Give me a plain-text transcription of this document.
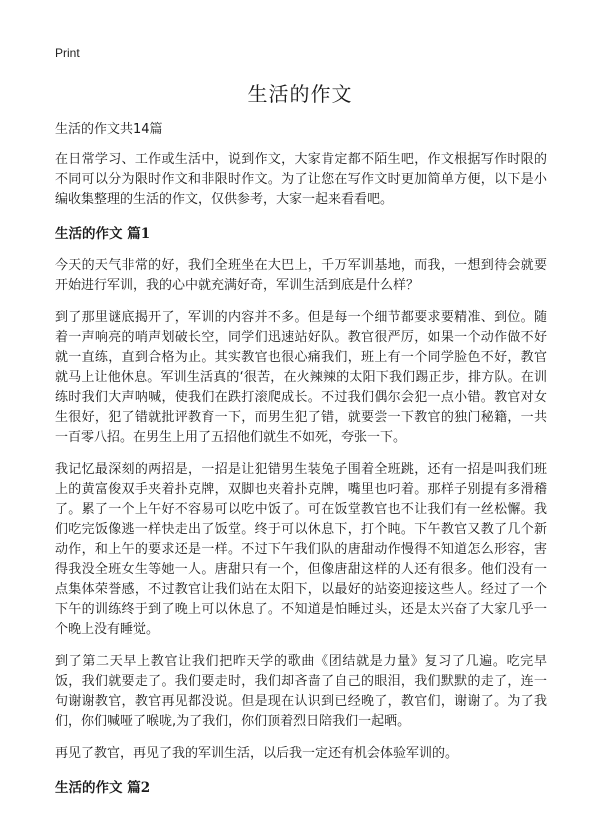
Print
生活的作文

生活的作文共14篇

在日常学习、工作或生活中，说到作文，大家肯定都不陌生吧，作文根据写作时限的不同可以分为限时作文和非限时作文。为了让您在写作文时更加简单方便，以下是小编收集整理的生活的作文，仅供参考，大家一起来看看吧。

生活的作文 篇1

今天的天气非常的好，我们全班坐在大巴上，千万军训基地，而我，一想到待会就要开始进行军训，我的心中就充满好奇，军训生活到底是什么样？

到了那里谜底揭开了，军训的内容并不多。但是每一个细节都要求要精准、到位。随着一声响亮的哨声划破长空，同学们迅速站好队。教官很严厉，如果一个动作做不好就一直练，直到合格为止。其实教官也很心痛我们，班上有一个同学脸色不好，教官就马上让他休息。军训生活真的‘很苦，在火辣辣的太阳下我们踢正步，排方队。在训练时我们大声呐喊，使我们在跌打滚爬成长。不过我们偶尔会犯一点小错。教官对女生很好，犯了错就批评教育一下，而男生犯了错，就要尝一下教官的独门秘籍，一共一百零八招。在男生上用了五招他们就生不如死，夸张一下。

我记忆最深刻的两招是，一招是让犯错男生装兔子围着全班跳，还有一招是叫我们班上的黄富俊双手夹着扑克牌，双脚也夹着扑克牌，嘴里也叼着。那样子别提有多滑稽了。累了一个上午好不容易可以吃中饭了。可在饭堂教官也不让我们有一丝松懈。我们吃完饭像逃一样快走出了饭堂。终于可以休息下，打个盹。下午教官又教了几个新动作，和上午的要求还是一样。不过下午我们队的唐甜动作慢得不知道怎么形容，害得我没全班女生等她一人。唐甜只有一个，但像唐甜这样的人还有很多。他们没有一点集体荣誉感，不过教官让我们站在太阳下，以最好的站姿迎接这些人。经过了一个下午的训练终于到了晚上可以休息了。不知道是怕睡过头，还是太兴奋了大家几乎一个晚上没有睡觉。

到了第二天早上教官让我们把昨天学的歌曲《团结就是力量》复习了几遍。吃完早饭，我们就要走了。我们要走时，我们却吝啬了自己的眼泪，我们默默的走了，连一句谢谢教官，教官再见都没说。但是现在认识到已经晚了，教官们，谢谢了。为了我们，你们喊哑了喉咙,为了我们，你们顶着烈日陪我们一起晒。

再见了教官，再见了我的军训生活，以后我一定还有机会体验军训的。

生活的作文 篇2
